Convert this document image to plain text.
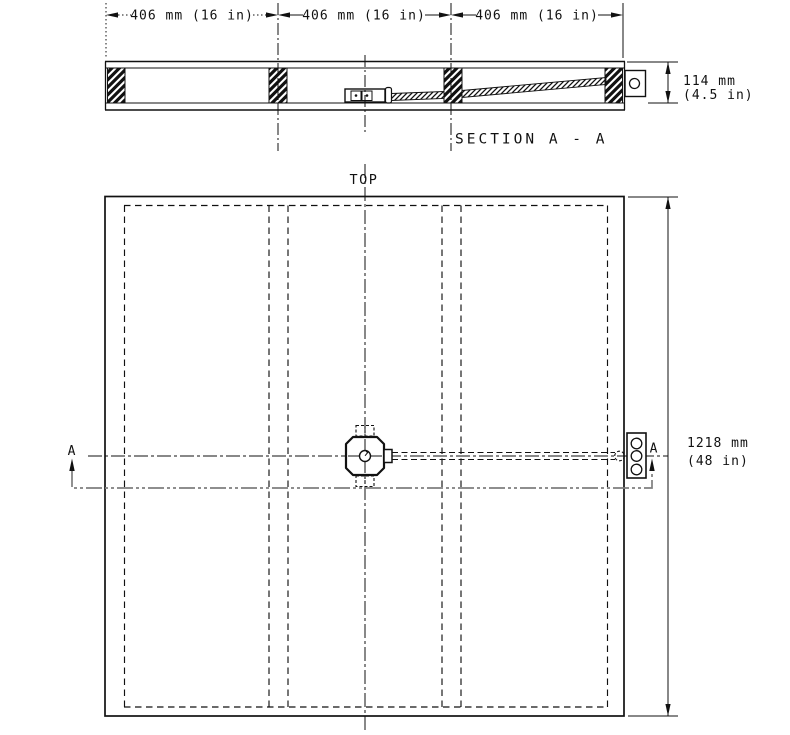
406 mm (16 in)	406 mm (16 in)	406 mm (16 in)
114 mm
(4.5 in)
SECTION A - A
A	A 1218 mm
(48 in)
TOP
